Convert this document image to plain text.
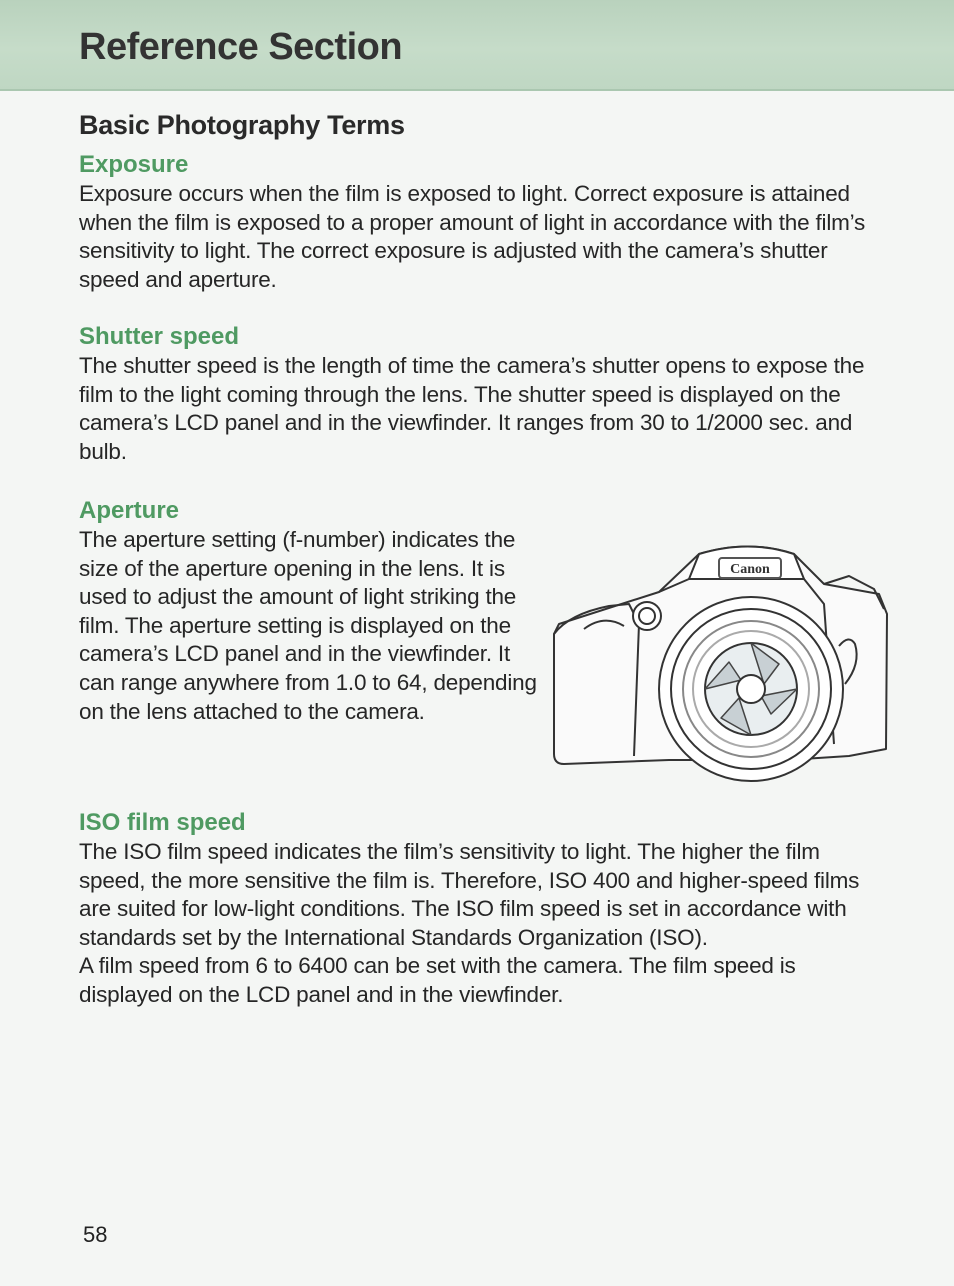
Reference Section
Basic Photography Terms
Exposure

Exposure occurs when the film is exposed to light. Correct exposure is attained when the film is exposed to a proper amount of light in accordance with the film’s sensitivity to light. The correct exposure is adjusted with the camera’s shutter speed and aperture.

Shutter speed

The shutter speed is the length of time the camera’s shutter opens to expose the film to the light coming through the lens. The shutter speed is displayed on the camera’s LCD panel and in the viewfinder. It ranges from 30 to 1/2000 sec. and bulb.

Aperture

The aperture setting (f-number) indicates the size of the aperture opening in the lens. It is used to adjust the amount of light striking the film. The aperture setting is displayed on the camera’s LCD panel and in the viewfinder. It can range anywhere from 1.0 to 64, depending on the lens attached to the camera.

ISO film speed

The ISO film speed indicates the film’s sensitivity to light. The higher the film speed, the more sensitive the film is. Therefore, ISO 400 and higher-speed films are suited for low-light conditions. The ISO film speed is set in accordance with standards set by the International Standards Organization (ISO).

A film speed from 6 to 6400 can be set with the camera. The film speed is displayed on the LCD panel and in the viewfinder.

Canon
58
